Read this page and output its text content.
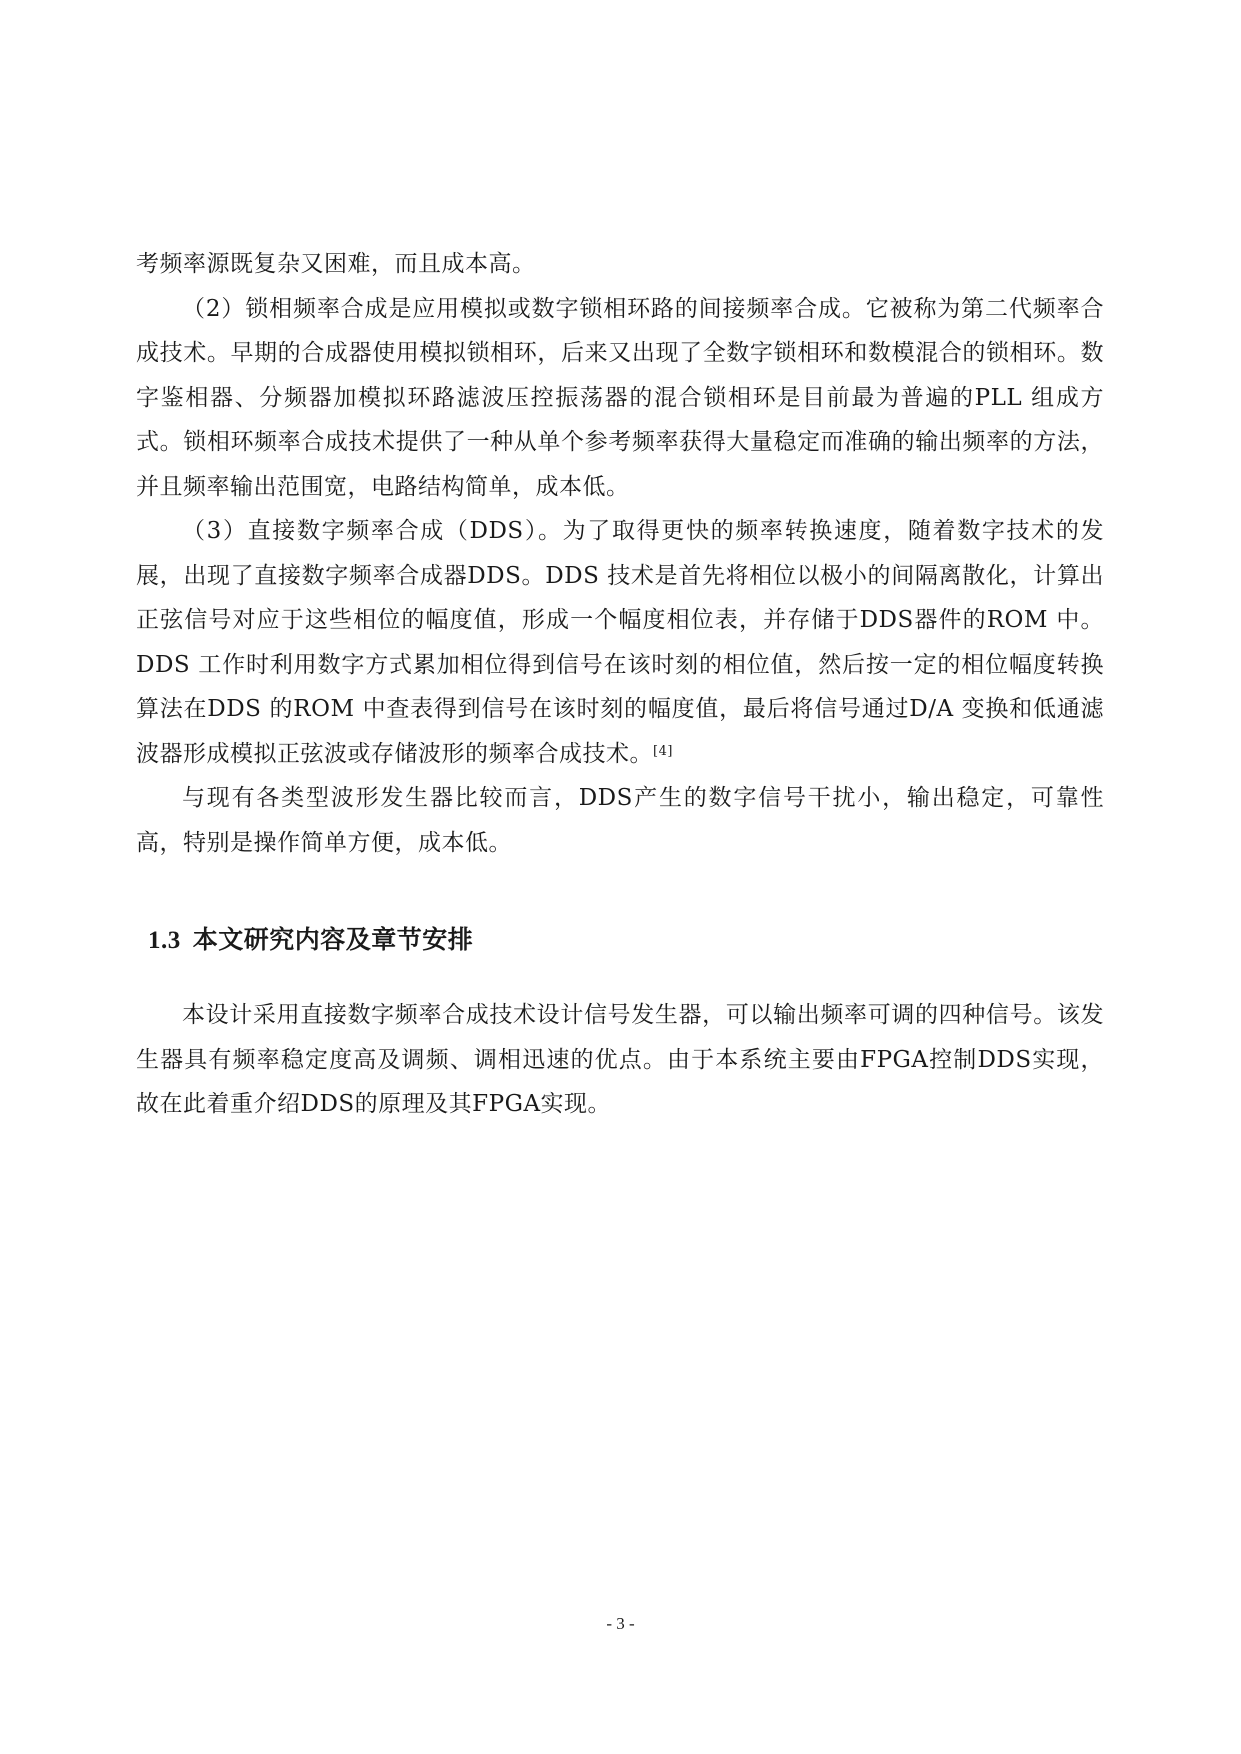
考频率源既复杂又困难，而且成本高。

（2）锁相频率合成是应用模拟或数字锁相环路的间接频率合成。它被称为第二代频率合成技术。早期的合成器使用模拟锁相环，后来又出现了全数字锁相环和数模混合的锁相环。数字鉴相器、分频器加模拟环路滤波压控振荡器的混合锁相环是目前最为普遍的PLL 组成方式。锁相环频率合成技术提供了一种从单个参考频率获得大量稳定而准确的输出频率的方法，并且频率输出范围宽，电路结构简单，成本低。

（3）直接数字频率合成（DDS）。为了取得更快的频率转换速度，随着数字技术的发展，出现了直接数字频率合成器DDS。DDS 技术是首先将相位以极小的间隔离散化，计算出正弦信号对应于这些相位的幅度值，形成一个幅度相位表，并存储于DDS器件的ROM 中。DDS 工作时利用数字方式累加相位得到信号在该时刻的相位值，然后按一定的相位幅度转换算法在DDS 的ROM 中查表得到信号在该时刻的幅度值，最后将信号通过D/A 变换和低通滤波器形成模拟正弦波或存储波形的频率合成技术。[4]

与现有各类型波形发生器比较而言，DDS产生的数字信号干扰小，输出稳定，可靠性高，特别是操作简单方便，成本低。

1.3 本文研究内容及章节安排

本设计采用直接数字频率合成技术设计信号发生器，可以输出频率可调的四种信号。该发生器具有频率稳定度高及调频、调相迅速的优点。由于本系统主要由FPGA控制DDS实现，故在此着重介绍DDS的原理及其FPGA实现。

- 3 -
